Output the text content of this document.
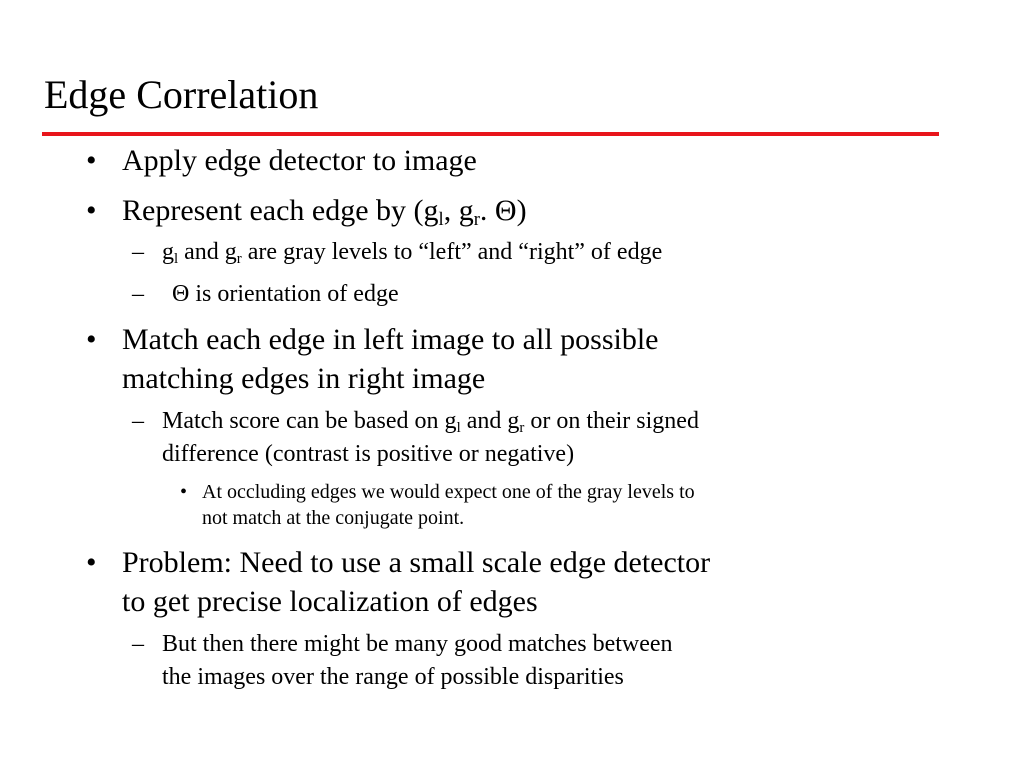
Edge Correlation
• Apply edge detector to image
• Represent each edge by ($g_l$, $g_r$. Θ)
– $g_l$ and $g_r$ are gray levels to “left” and “right” of edge
– Θ is orientation of edge
• Match each edge in left image to all possible
matching edges in right image
– Match score can be based on $g_l$ and $g_r$ or on their signed
difference (contrast is positive or negative)
• At occluding edges we would expect one of the gray levels to
not match at the conjugate point.
• Problem: Need to use a small scale edge detector
to get precise localization of edges
– But then there might be many good matches between
the images over the range of possible disparities
